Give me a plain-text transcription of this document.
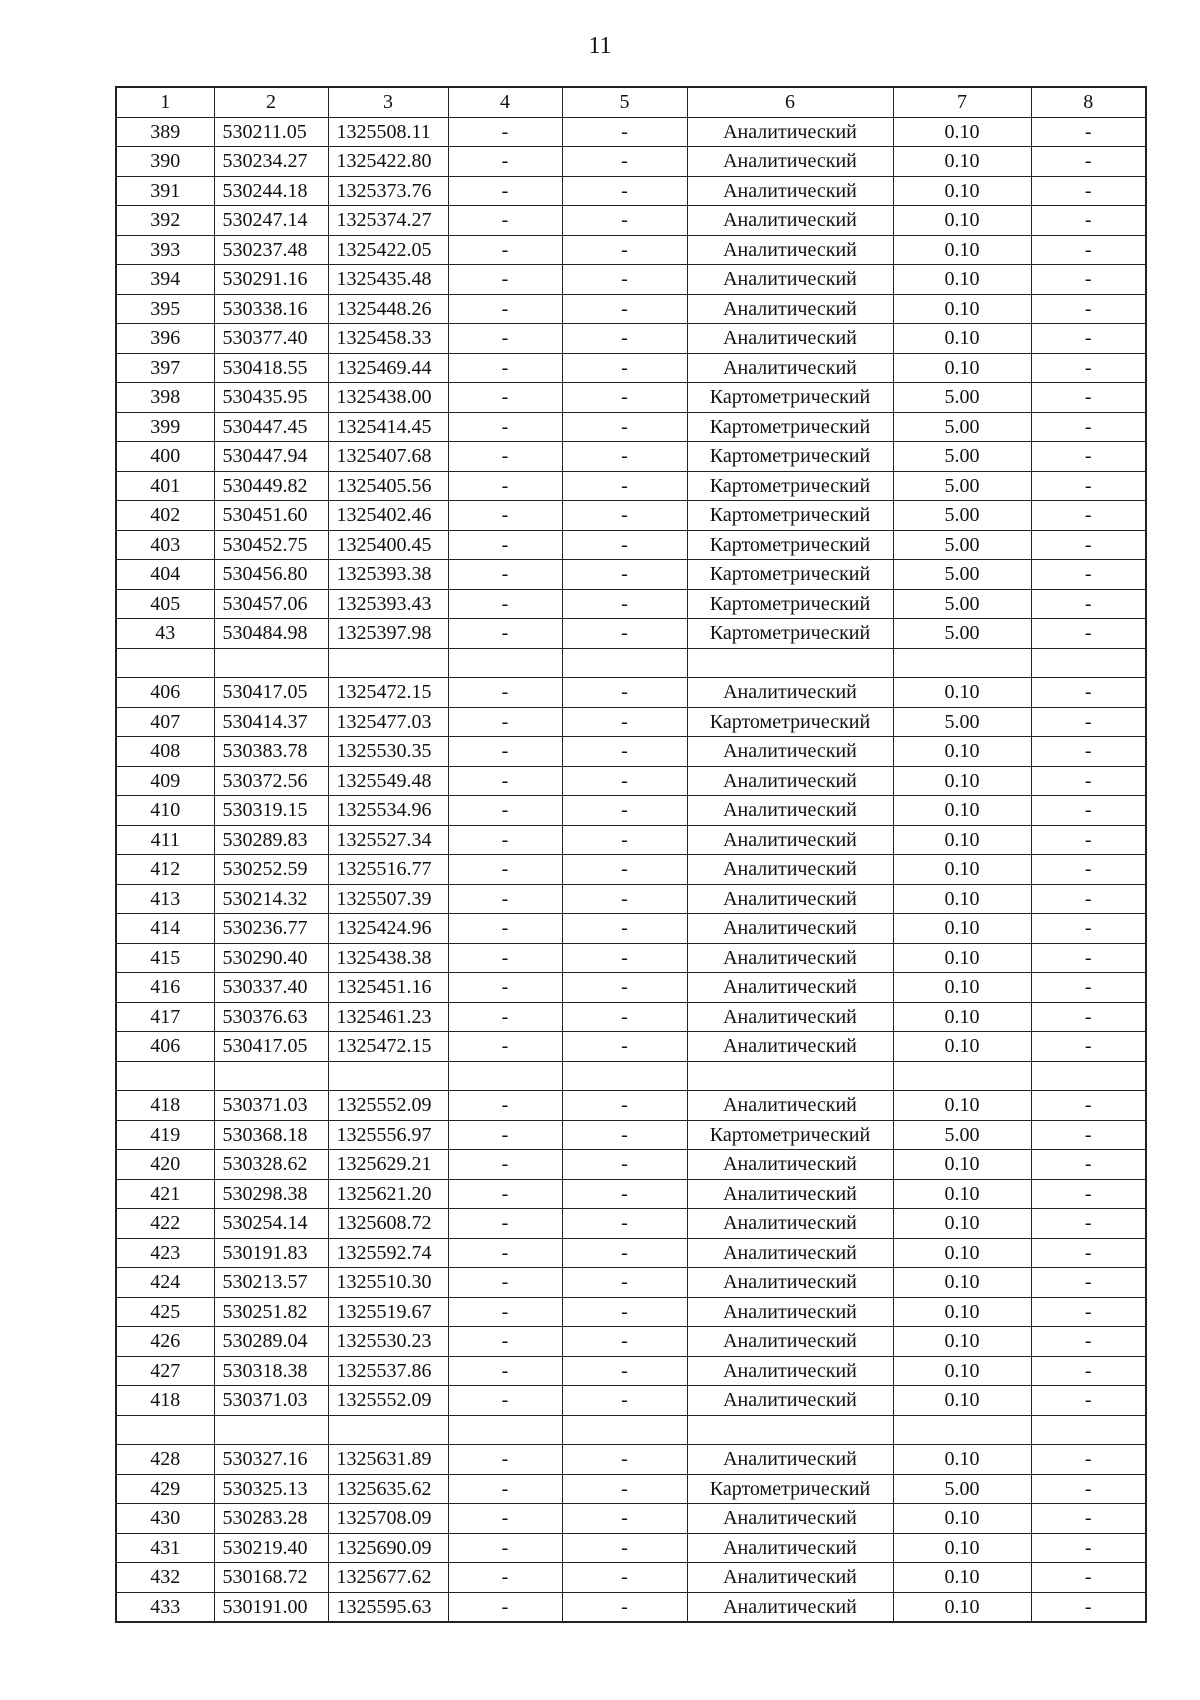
11
1	2	3	4	5	6	7	8
389	530211.05	1325508.11	-	-	Аналитический	0.10	-
390	530234.27	1325422.80	-	-	Аналитический	0.10	-
391	530244.18	1325373.76	-	-	Аналитический	0.10	-
392	530247.14	1325374.27	-	-	Аналитический	0.10	-
393	530237.48	1325422.05	-	-	Аналитический	0.10	-
394	530291.16	1325435.48	-	-	Аналитический	0.10	-
395	530338.16	1325448.26	-	-	Аналитический	0.10	-
396	530377.40	1325458.33	-	-	Аналитический	0.10	-
397	530418.55	1325469.44	-	-	Аналитический	0.10	-
398	530435.95	1325438.00	-	-	Картометрический	5.00	-
399	530447.45	1325414.45	-	-	Картометрический	5.00	-
400	530447.94	1325407.68	-	-	Картометрический	5.00	-
401	530449.82	1325405.56	-	-	Картометрический	5.00	-
402	530451.60	1325402.46	-	-	Картометрический	5.00	-
403	530452.75	1325400.45	-	-	Картометрический	5.00	-
404	530456.80	1325393.38	-	-	Картометрический	5.00	-
405	530457.06	1325393.43	-	-	Картометрический	5.00	-
43	530484.98	1325397.98	-	-	Картометрический	5.00	-

406	530417.05	1325472.15	-	-	Аналитический	0.10	-
407	530414.37	1325477.03	-	-	Картометрический	5.00	-
408	530383.78	1325530.35	-	-	Аналитический	0.10	-
409	530372.56	1325549.48	-	-	Аналитический	0.10	-
410	530319.15	1325534.96	-	-	Аналитический	0.10	-
411	530289.83	1325527.34	-	-	Аналитический	0.10	-
412	530252.59	1325516.77	-	-	Аналитический	0.10	-
413	530214.32	1325507.39	-	-	Аналитический	0.10	-
414	530236.77	1325424.96	-	-	Аналитический	0.10	-
415	530290.40	1325438.38	-	-	Аналитический	0.10	-
416	530337.40	1325451.16	-	-	Аналитический	0.10	-
417	530376.63	1325461.23	-	-	Аналитический	0.10	-
406	530417.05	1325472.15	-	-	Аналитический	0.10	-

418	530371.03	1325552.09	-	-	Аналитический	0.10	-
419	530368.18	1325556.97	-	-	Картометрический	5.00	-
420	530328.62	1325629.21	-	-	Аналитический	0.10	-
421	530298.38	1325621.20	-	-	Аналитический	0.10	-
422	530254.14	1325608.72	-	-	Аналитический	0.10	-
423	530191.83	1325592.74	-	-	Аналитический	0.10	-
424	530213.57	1325510.30	-	-	Аналитический	0.10	-
425	530251.82	1325519.67	-	-	Аналитический	0.10	-
426	530289.04	1325530.23	-	-	Аналитический	0.10	-
427	530318.38	1325537.86	-	-	Аналитический	0.10	-
418	530371.03	1325552.09	-	-	Аналитический	0.10	-

428	530327.16	1325631.89	-	-	Аналитический	0.10	-
429	530325.13	1325635.62	-	-	Картометрический	5.00	-
430	530283.28	1325708.09	-	-	Аналитический	0.10	-
431	530219.40	1325690.09	-	-	Аналитический	0.10	-
432	530168.72	1325677.62	-	-	Аналитический	0.10	-
433	530191.00	1325595.63	-	-	Аналитический	0.10	-
